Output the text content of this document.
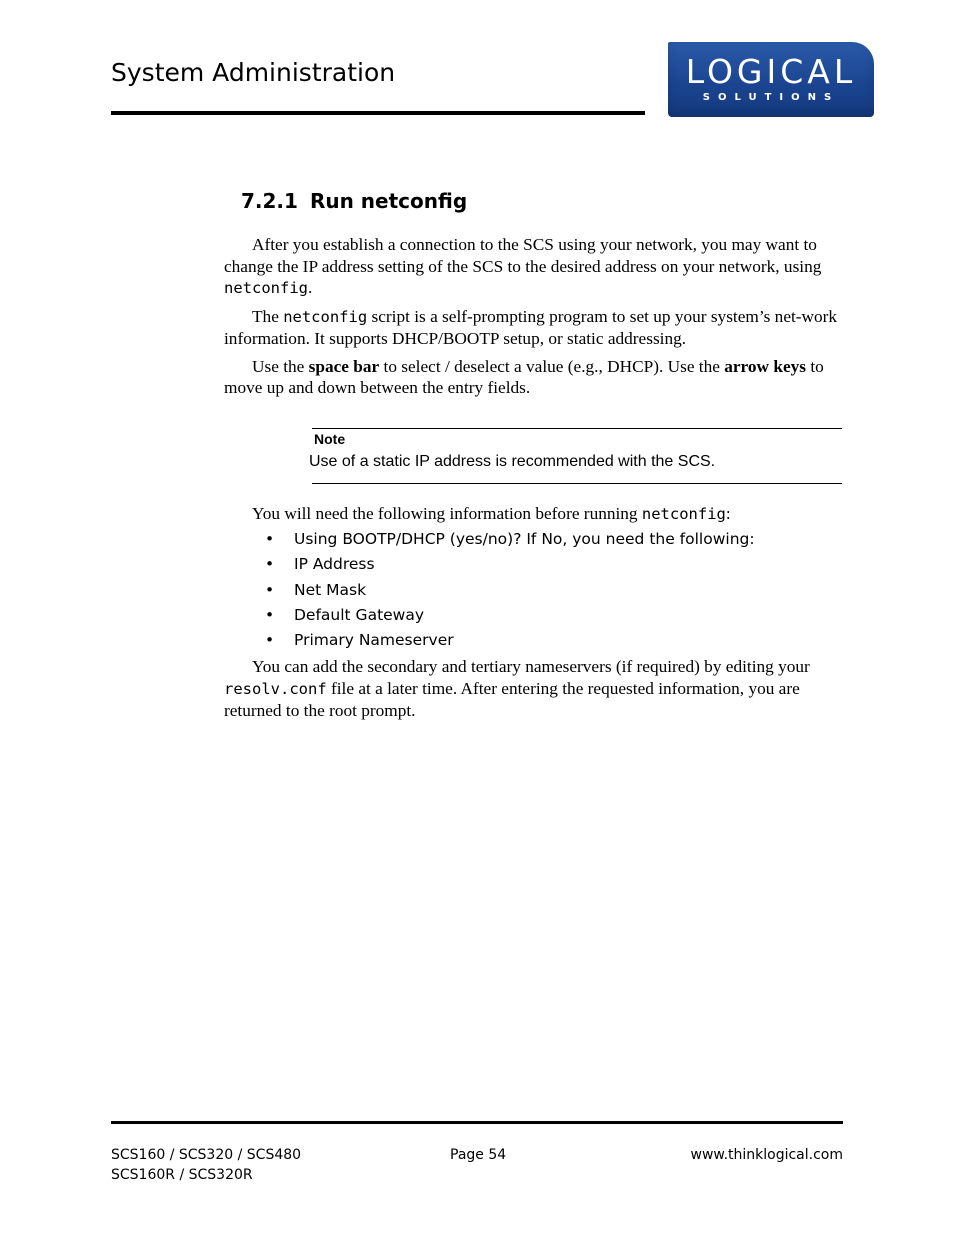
System Administration	LOGICAL
SOLUTIONS
7.2.1 Run netconfig

After you establish a connection to the SCS using your network, you may want to change the IP address setting of the SCS to the desired address on your network, using netconfig.

The netconfig script is a self-prompting program to set up your system’s net-work information. It supports DHCP/BOOTP setup, or static addressing.

Use the space bar to select / deselect a value (e.g., DHCP). Use the arrow keys to move up and down between the entry fields.

Note
Use of a static IP address is recommended with the SCS.
You will need the following information before running netconfig:
• Using BOOTP/DHCP (yes/no)? If No, you need the following:
• IP Address
• Net Mask
• Default Gateway
• Primary Nameserver
You can add the secondary and tertiary nameservers (if required) by editing your resolv.conf file at a later time. After entering the requested information, you are returned to the root prompt.
SCS160 / SCS320 / SCS480
SCS160R / SCS320R
Page 54	www.thinklogical.com
